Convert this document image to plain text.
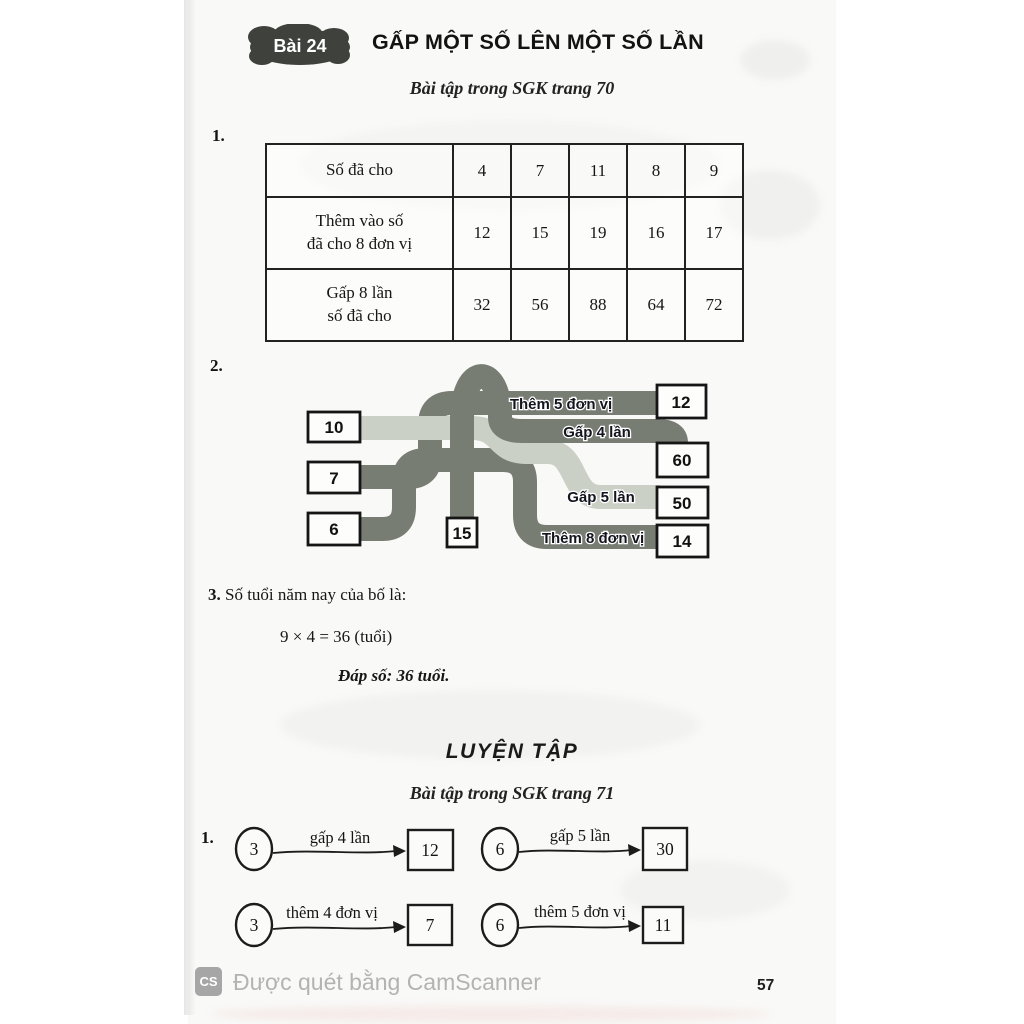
Bài 24	GẤP MỘT SỐ LÊN MỘT SỐ LẦN
Bài tập trong SGK trang 70
1.
Số đã cho	4	7	11	8	9

Thêm vào số
đã cho 8 đơn vị	12	15	19	16	17

Gấp 8 lần
số đã cho	32	56	88	64	72
2.
Thêm 5 đơn vị
Gấp 4 lần
Gấp 5 lần
Thêm 8 đơn vị
10
7
6	15
12
60
50
14
3. Số tuổi năm nay của bố là:
9 × 4 = 36 (tuổi)
Đáp số: 36 tuổi.
LUYỆN TẬP
Bài tập trong SGK trang 71
1.
3
gấp 4 lần
12	6
gấp 5 lần
30
3
thêm 4 đơn vị
7	6
thêm 5 đơn vị
11
CS Được quét bằng CamScanner	57
